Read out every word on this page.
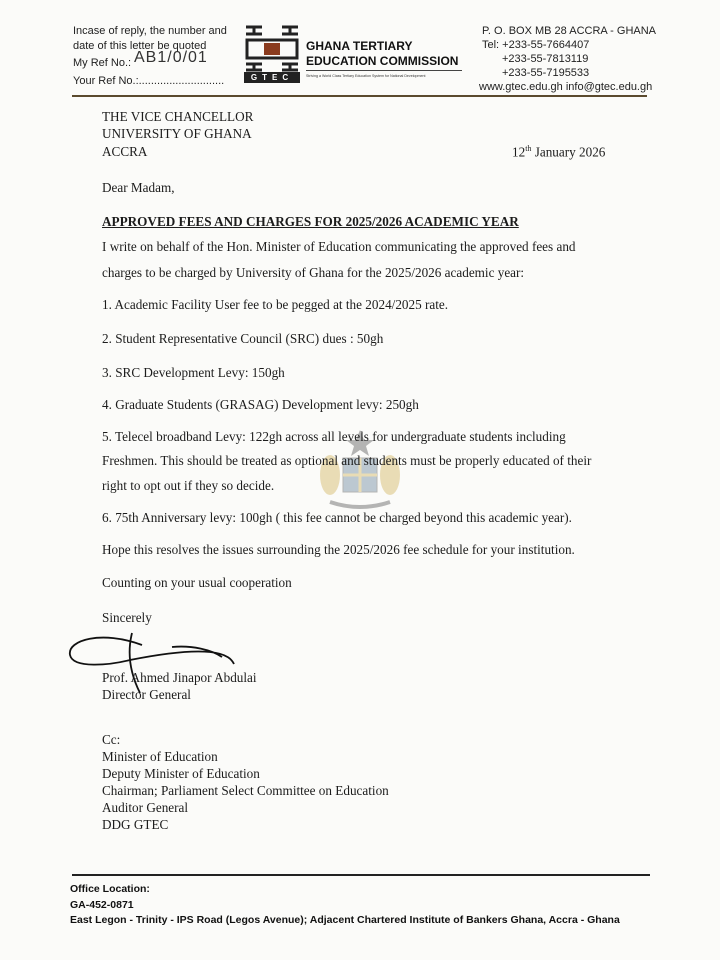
Incase of reply, the number and
date of this letter be quoted
My Ref No.: AB1/0/01
Your Ref No.:............................	GTEC
GHANA TERTIARY
EDUCATION COMMISSION
Striving a World Class Tertiary Education System for National Development
P. O. BOX MB 28 ACCRA - GHANA
Tel: +233-55-7664407
+233-55-7813119
+233-55-7195533
www.gtec.edu.gh info@gtec.edu.gh
THE VICE CHANCELLOR
UNIVERSITY OF GHANA
ACCRA	12th January 2026
Dear Madam,
APPROVED FEES AND CHARGES FOR 2025/2026 ACADEMIC YEAR
I write on behalf of the Hon. Minister of Education communicating the approved fees and
charges to be charged by University of Ghana for the 2025/2026 academic year:
1. Academic Facility User fee to be pegged at the 2024/2025 rate.
2. Student Representative Council (SRC) dues : 50gh
3. SRC Development Levy: 150gh
4. Graduate Students (GRASAG) Development levy: 250gh
5. Telecel broadband Levy: 122gh across all levels for undergraduate students including
Freshmen. This should be treated as optional and students must be properly educated of their
right to opt out if they so decide.
6. 75th Anniversary levy: 100gh ( this fee cannot be charged beyond this academic year).
Hope this resolves the issues surrounding the 2025/2026 fee schedule for your institution.
Counting on your usual cooperation
Sincerely
Prof. Ahmed Jinapor Abdulai
Director General
Cc:
Minister of Education
Deputy Minister of Education
Chairman; Parliament Select Committee on Education
Auditor General
DDG GTEC
Office Location:
GA-452-0871
East Legon - Trinity - IPS Road (Legos Avenue); Adjacent Chartered Institute of Bankers Ghana, Accra - Ghana
